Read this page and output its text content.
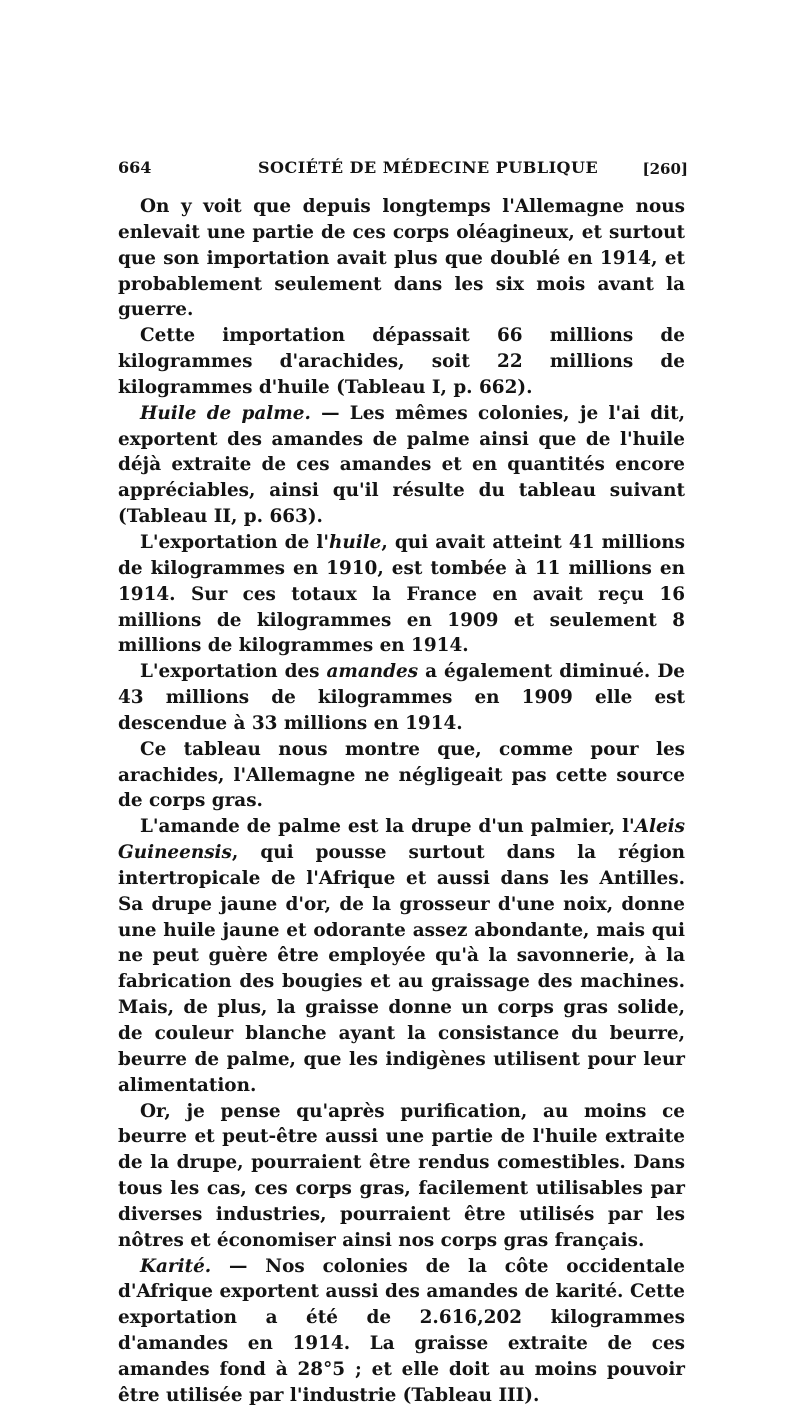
664	SOCIÉTÉ DE MÉDECINE PUBLIQUE	[260]

On y voit que depuis longtemps l'Allemagne nous enlevait une partie de ces corps oléagineux, et surtout que son importation avait plus que doublé en 1914, et probablement seulement dans les six mois avant la guerre.

Cette importation dépassait 66 millions de kilogrammes d'arachides, soit 22 millions de kilogrammes d'huile (Tableau I, p. 662).

Huile de palme. — Les mêmes colonies, je l'ai dit, exportent des amandes de palme ainsi que de l'huile déjà extraite de ces amandes et en quantités encore appréciables, ainsi qu'il résulte du tableau suivant (Tableau II, p. 663).

L'exportation de l'huile, qui avait atteint 41 millions de kilogrammes en 1910, est tombée à 11 millions en 1914. Sur ces totaux la France en avait reçu 16 millions de kilogrammes en 1909 et seulement 8 millions de kilogrammes en 1914.

L'exportation des amandes a également diminué. De 43 millions de kilogrammes en 1909 elle est descendue à 33 millions en 1914.

Ce tableau nous montre que, comme pour les arachides, l'Allemagne ne négligeait pas cette source de corps gras.

L'amande de palme est la drupe d'un palmier, l'Aleis Guineensis, qui pousse surtout dans la région intertropicale de l'Afrique et aussi dans les Antilles. Sa drupe jaune d'or, de la grosseur d'une noix, donne une huile jaune et odorante assez abondante, mais qui ne peut guère être employée qu'à la savonnerie, à la fabrication des bougies et au graissage des machines. Mais, de plus, la graisse donne un corps gras solide, de couleur blanche ayant la consistance du beurre, beurre de palme, que les indigènes utilisent pour leur alimentation.

Or, je pense qu'après purification, au moins ce beurre et peut-être aussi une partie de l'huile extraite de la drupe, pourraient être rendus comestibles. Dans tous les cas, ces corps gras, facilement utilisables par diverses industries, pourraient être utilisés par les nôtres et économiser ainsi nos corps gras français.

Karité. — Nos colonies de la côte occidentale d'Afrique exportent aussi des amandes de karité. Cette exportation a été de 2.616,202 kilogrammes d'amandes en 1914. La graisse extraite de ces amandes fond à 28°5 ; et elle doit au moins pouvoir être utilisée par l'industrie (Tableau III).
